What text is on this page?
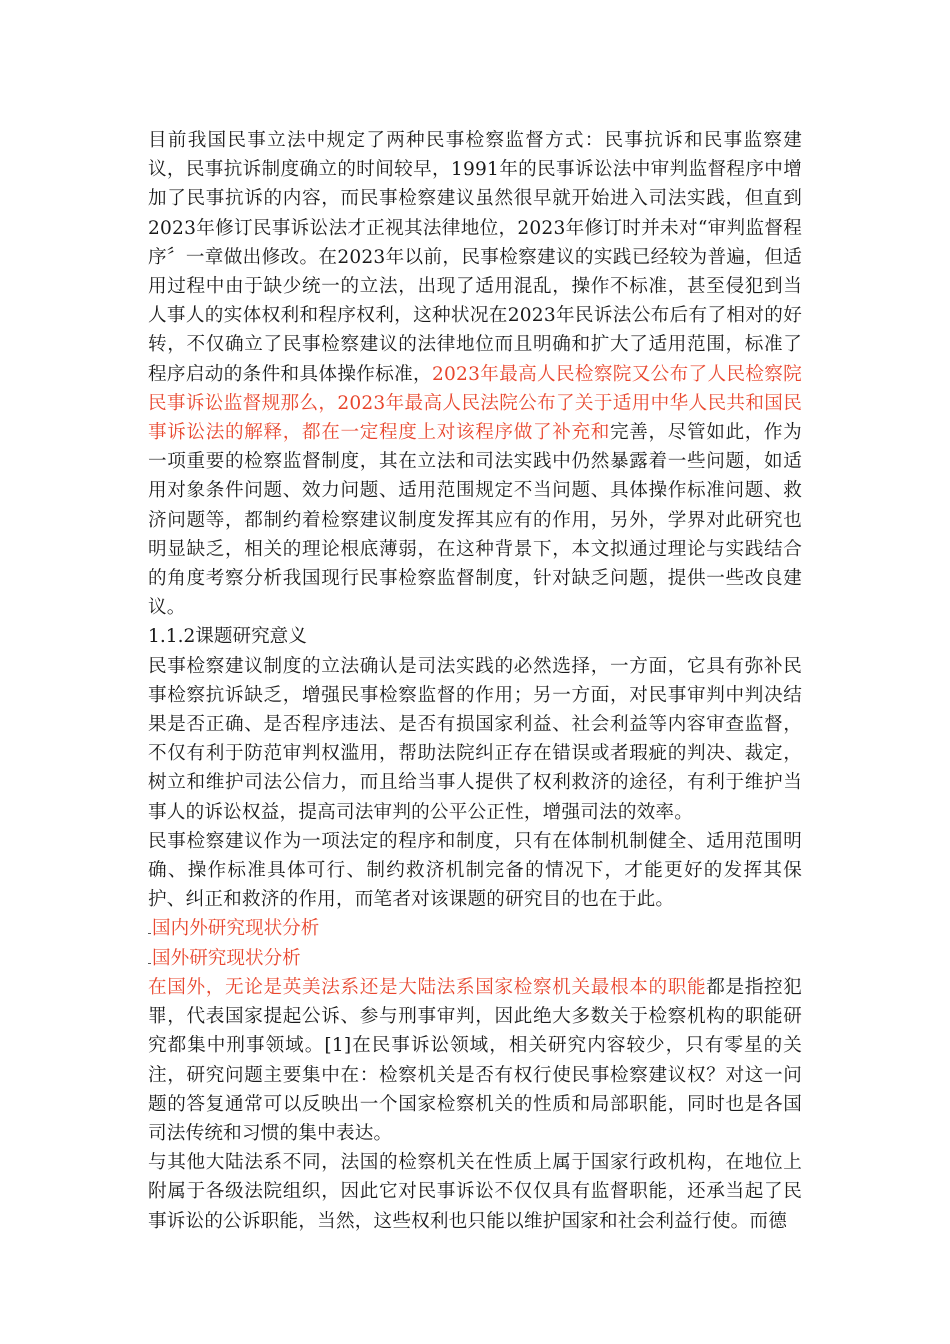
目前我国民事立法中规定了两种民事检察监督方式：民事抗诉和民事监察建议，民事抗诉制度确立的时间较早，1991年的民事诉讼法中审判监督程序中增加了民事抗诉的内容，而民事检察建议虽然很早就开始进入司法实践，但直到2023年修订民事诉讼法才正视其法律地位，2023年修订时并未对“审判监督程序〞一章做出修改。在2023年以前，民事检察建议的实践已经较为普遍，但适用过程中由于缺少统一的立法，出现了适用混乱，操作不标准，甚至侵犯到当人事人的实体权利和程序权利，这种状况在2023年民诉法公布后有了相对的好转，不仅确立了民事检察建议的法律地位而且明确和扩大了适用范围，标准了程序启动的条件和具体操作标准，2023年最高人民检察院又公布了人民检察院民事诉讼监督规那么，2023年最高人民法院公布了关于适用中华人民共和国民事诉讼法的解释，都在一定程度上对该程序做了补充和完善，尽管如此，作为一项重要的检察监督制度，其在立法和司法实践中仍然暴露着一些问题，如适用对象条件问题、效力问题、适用范围规定不当问题、具体操作标准问题、救济问题等，都制约着检察建议制度发挥其应有的作用，另外，学界对此研究也明显缺乏，相关的理论根底薄弱，在这种背景下，本文拟通过理论与实践结合的角度考察分析我国现行民事检察监督制度，针对缺乏问题，提供一些改良建议。

1.1.2课题研究意义

民事检察建议制度的立法确认是司法实践的必然选择，一方面，它具有弥补民事检察抗诉缺乏，增强民事检察监督的作用；另一方面，对民事审判中判决结果是否正确、是否程序违法、是否有损国家利益、社会利益等内容审查监督，不仅有利于防范审判权滥用，帮助法院纠正存在错误或者瑕疵的判决、裁定，树立和维护司法公信力，而且给当事人提供了权利救济的途径，有利于维护当事人的诉讼权益，提高司法审判的公平公正性，增强司法的效率。

民事检察建议作为一项法定的程序和制度，只有在体制机制健全、适用范围明确、操作标准具体可行、制约救济机制完备的情况下，才能更好的发挥其保护、纠正和救济的作用，而笔者对该课题的研究目的也在于此。

国内外研究现状分析

国外研究现状分析

在国外，无论是英美法系还是大陆法系国家检察机关最根本的职能都是指控犯罪，代表国家提起公诉、参与刑事审判，因此绝大多数关于检察机构的职能研究都集中刑事领域。[1]在民事诉讼领域，相关研究内容较少，只有零星的关注，研究问题主要集中在：检察机关是否有权行使民事检察建议权？对这一问题的答复通常可以反映出一个国家检察机关的性质和局部职能，同时也是各国司法传统和习惯的集中表达。

与其他大陆法系不同，法国的检察机关在性质上属于国家行政机构，在地位上附属于各级法院组织，因此它对民事诉讼不仅仅具有监督职能，还承当起了民事诉讼的公诉职能，当然，这些权利也只能以维护国家和社会利益行使。而德
